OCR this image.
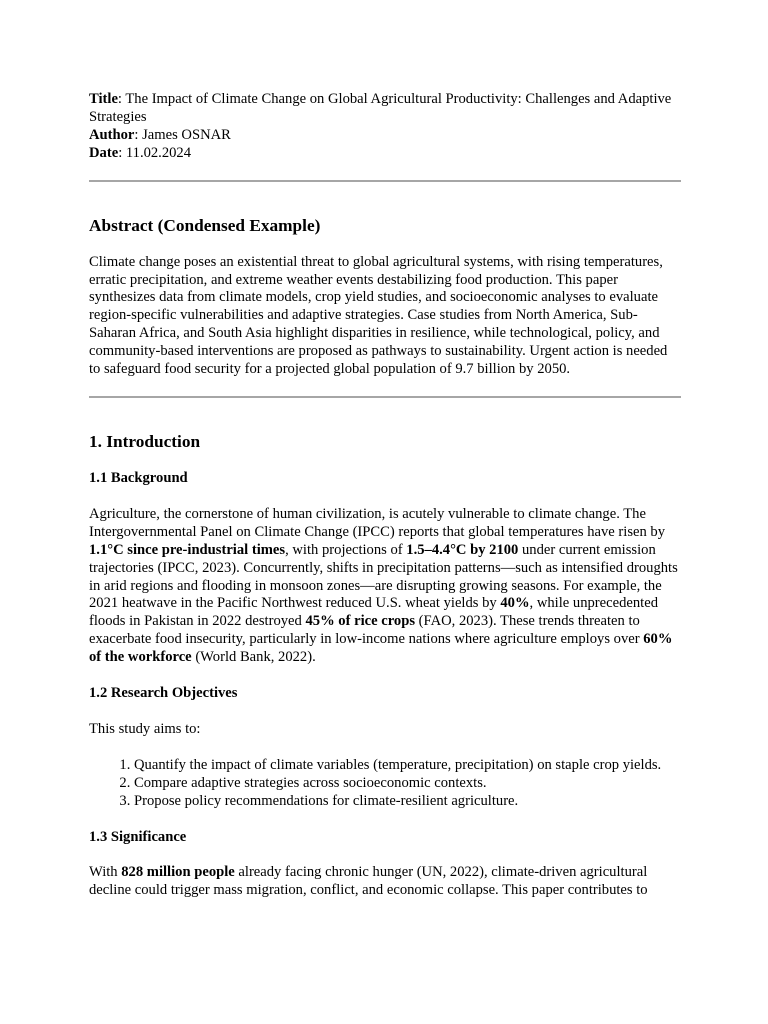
Title: The Impact of Climate Change on Global Agricultural Productivity: Challenges and Adaptive Strategies

Author: James OSNAR

Date: 11.02.2024

Abstract (Condensed Example)

Climate change poses an existential threat to global agricultural systems, with rising temperatures, erratic precipitation, and extreme weather events destabilizing food production. This paper synthesizes data from climate models, crop yield studies, and socioeconomic analyses to evaluate region-specific vulnerabilities and adaptive strategies. Case studies from North America, Sub-Saharan Africa, and South Asia highlight disparities in resilience, while technological, policy, and community-based interventions are proposed as pathways to sustainability. Urgent action is needed to safeguard food security for a projected global population of 9.7 billion by 2050.

1. Introduction
1.1 Background

Agriculture, the cornerstone of human civilization, is acutely vulnerable to climate change. The Intergovernmental Panel on Climate Change (IPCC) reports that global temperatures have risen by 1.1°C since pre-industrial times, with projections of 1.5–4.4°C by 2100 under current emission trajectories (IPCC, 2023). Concurrently, shifts in precipitation patterns—such as intensified droughts in arid regions and flooding in monsoon zones—are disrupting growing seasons. For example, the 2021 heatwave in the Pacific Northwest reduced U.S. wheat yields by 40%, while unprecedented floods in Pakistan in 2022 destroyed 45% of rice crops (FAO, 2023). These trends threaten to exacerbate food insecurity, particularly in low-income nations where agriculture employs over 60% of the workforce (World Bank, 2022).

1.2 Research Objectives

This study aims to:

1. Quantify the impact of climate variables (temperature, precipitation) on staple crop yields.
2. Compare adaptive strategies across socioeconomic contexts.
3. Propose policy recommendations for climate-resilient agriculture.
1.3 Significance

With 828 million people already facing chronic hunger (UN, 2022), climate-driven agricultural decline could trigger mass migration, conflict, and economic collapse. This paper contributes to
